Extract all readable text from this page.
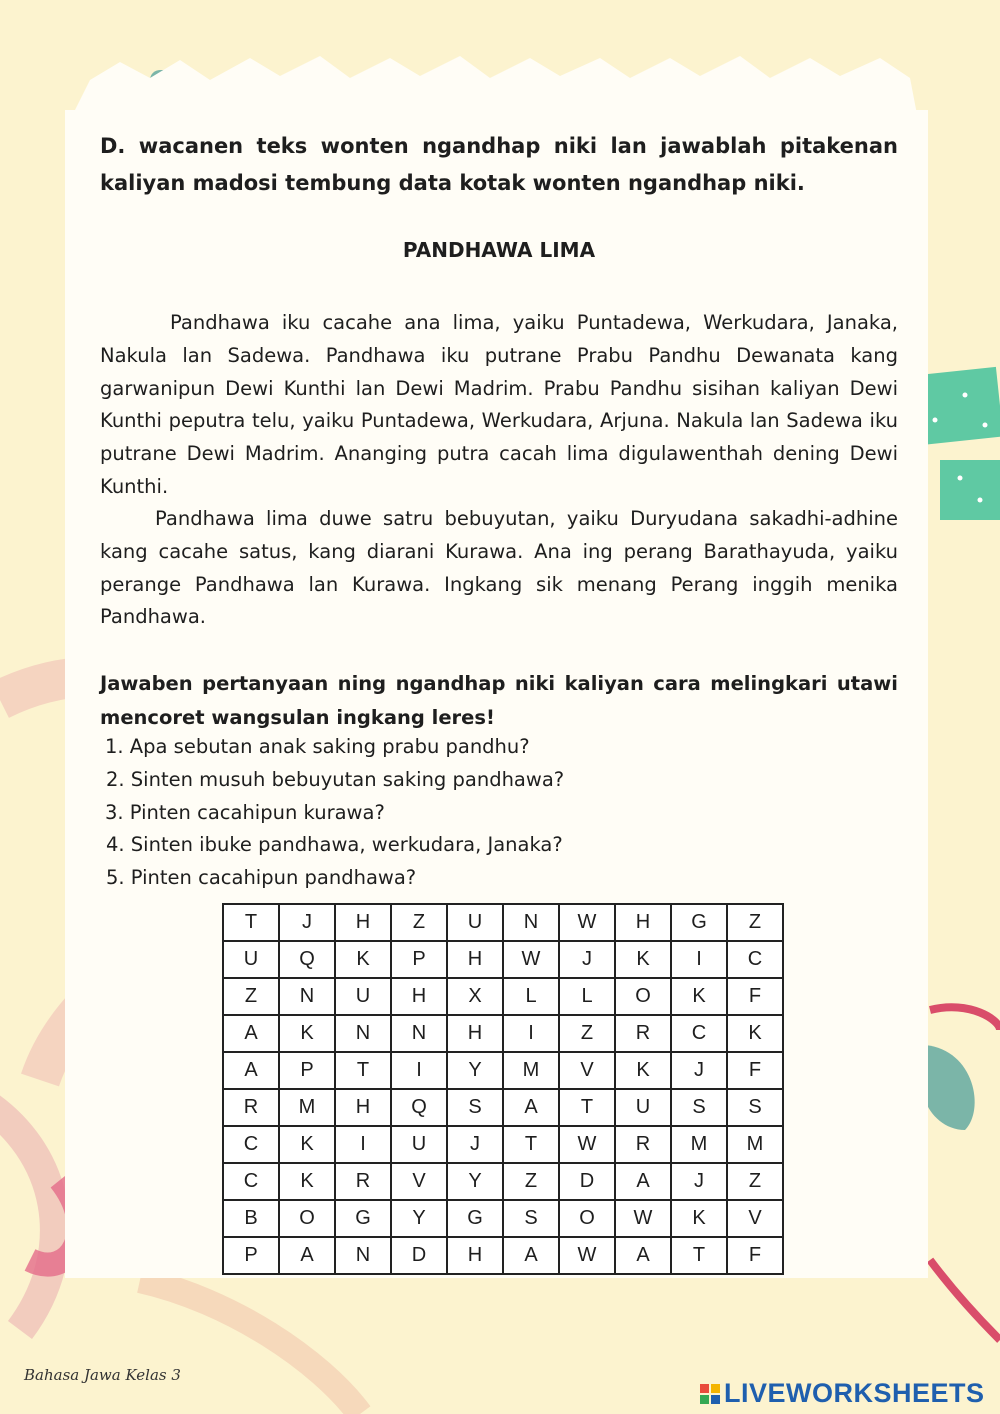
D. wacanen teks wonten ngandhap niki lan jawablah pitakenan kaliyan madosi tembung data kotak wonten ngandhap niki.
PANDHAWA LIMA
Pandhawa iku cacahe ana lima, yaiku Puntadewa, Werkudara, Janaka, Nakula lan Sadewa. Pandhawa iku putrane Prabu Pandhu Dewanata kang garwanipun Dewi Kunthi lan Dewi Madrim. Prabu Pandhu sisihan kaliyan Dewi Kunthi peputra telu, yaiku Puntadewa, Werkudara, Arjuna. Nakula lan Sadewa iku putrane Dewi Madrim. Ananging putra cacah lima digulawenthah dening Dewi Kunthi.
Pandhawa lima duwe satru bebuyutan, yaiku Duryudana sakadhi-adhine kang cacahe satus, kang diarani Kurawa. Ana ing perang Barathayuda, yaiku perange Pandhawa lan Kurawa. Ingkang sik menang Perang inggih menika Pandhawa.
Jawaben pertanyaan ning ngandhap niki kaliyan cara melingkari utawi mencoret wangsulan ingkang leres!
1. Apa sebutan anak saking prabu pandhu?
2. Sinten musuh bebuyutan saking pandhawa?
3. Pinten cacahipun kurawa?
4. Sinten ibuke pandhawa, werkudara, Janaka?
5. Pinten cacahipun pandhawa?
T	J	H	Z	U	N	W	H	G	Z
U	Q	K	P	H	W	J	K	I	C
Z	N	U	H	X	L	L	O	K	F
A	K	N	N	H	I	Z	R	C	K
A	P	T	I	Y	M	V	K	J	F
R	M	H	Q	S	A	T	U	S	S
C	K	I	U	J	T	W	R	M	M
C	K	R	V	Y	Z	D	A	J	Z
B	O	G	Y	G	S	O	W	K	V
P	A	N	D	H	A	W	A	T	F
Bahasa Jawa Kelas 3
LIVEWORKSHEETS
